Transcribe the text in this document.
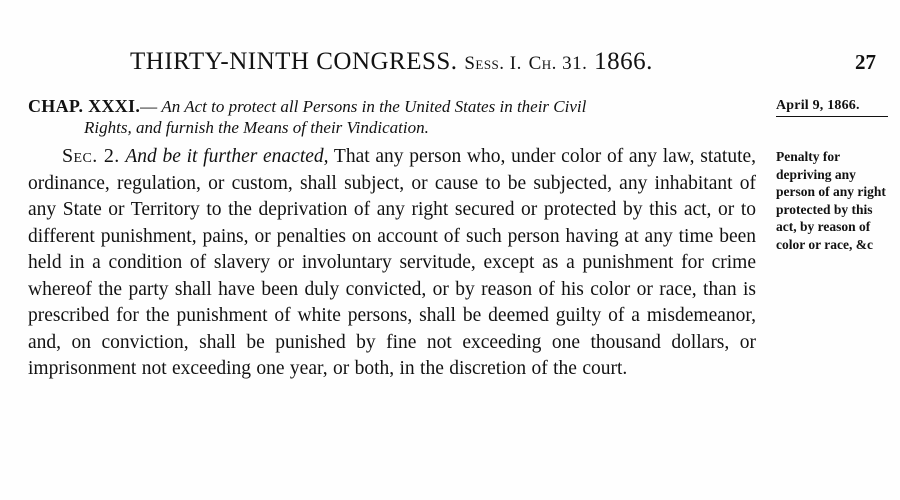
THIRTY-NINTH CONGRESS. Sess. I. Ch. 31. 1866.	27
CHAP. XXXI.— An Act to protect all Persons in the United States in their Civil
Rights, and furnish the Means of their Vindication.
April 9, 1866.
Sec. 2. And be it further enacted, That any person who, under color of any law, statute, ordinance, regulation, or custom, shall subject, or cause to be subjected, any inhabitant of any State or Territory to the deprivation of any right secured or protected by this act, or to different punishment, pains, or penalties on account of such person having at any time been held in a condition of slavery or involuntary servitude, except as a punishment for crime whereof the party shall have been duly convicted, or by reason of his color or race, than is prescribed for the punishment of white persons, shall be deemed guilty of a misdemeanor, and, on conviction, shall be punished by fine not exceeding one thousand dollars, or imprisonment not exceeding one year, or both, in the discretion of the court.
Penalty for depriving any person of any right protected by this act, by reason of color or race, &c
